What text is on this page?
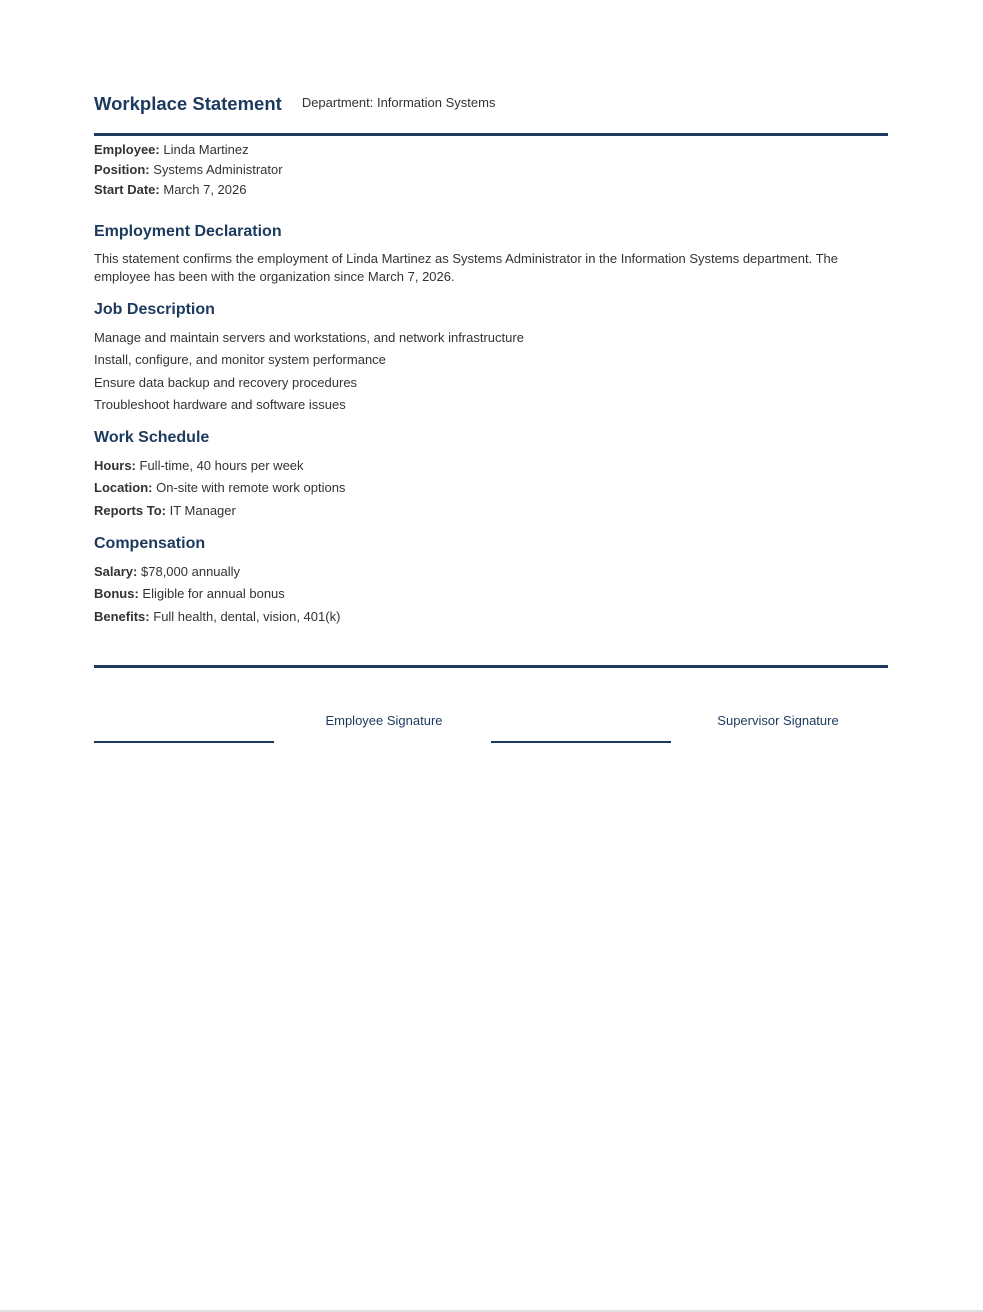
Workplace Statement Department: Information Systems
Employee: Linda Martinez
Position: Systems Administrator
Start Date: March 7, 2026
Employment Declaration
This statement confirms the employment of Linda Martinez as Systems Administrator in the Information Systems department. The employee has been with the organization since March 7, 2026.
Job Description
Manage and maintain servers and workstations, and network infrastructure
Install, configure, and monitor system performance
Ensure data backup and recovery procedures
Troubleshoot hardware and software issues
Work Schedule
Hours: Full-time, 40 hours per week
Location: On-site with remote work options
Reports To: IT Manager
Compensation
Salary: $78,000 annually
Bonus: Eligible for annual bonus
Benefits: Full health, dental, vision, 401(k)
Employee Signature	Supervisor Signature
